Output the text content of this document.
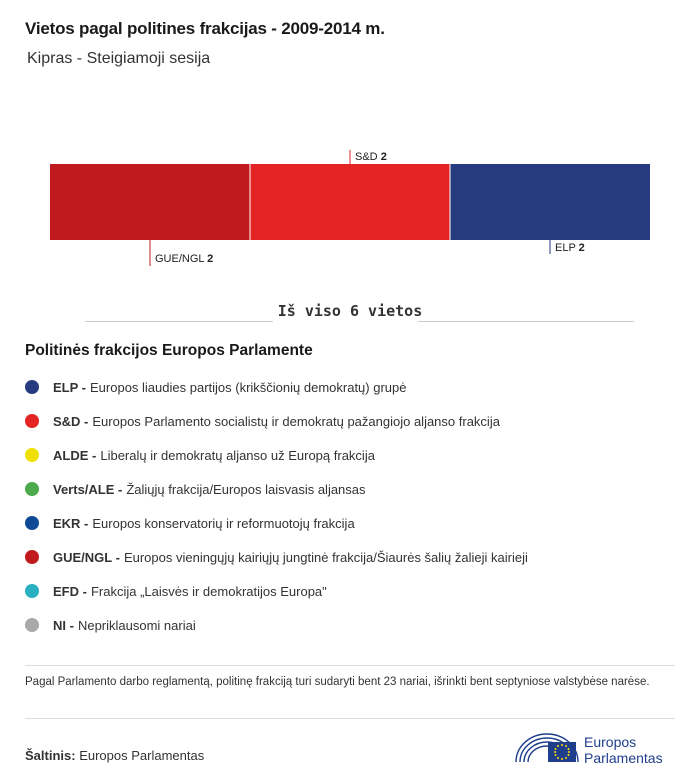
Vietos pagal politines frakcijas - 2009-2014 m.
Kipras - Steigiamoji sesija
GUE/NGL 2
S&D 2
ELP 2
Iš viso 6 vietos
Politinės frakcijos Europos Parlamente
ELP - Europos liaudies partijos (krikščionių demokratų) grupė
S&D - Europos Parlamento socialistų ir demokratų pažangiojo aljanso frakcija
ALDE - Liberalų ir demokratų aljanso už Europą frakcija
Verts/ALE - Žaliųjų frakcija/Europos laisvasis aljansas
EKR - Europos konservatorių ir reformuotojų frakcija
GUE/NGL - Europos vieningųjų kairiųjų jungtinė frakcija/Šiaurės šalių žalieji kairieji
EFD - Frakcija „Laisvės ir demokratijos Europa"
NI - Nepriklausomi nariai
Pagal Parlamento darbo reglamentą, politinę frakciją turi sudaryti bent 23 nariai, išrinkti bent septyniose valstybėse narėse.
Šaltinis: Europos Parlamentas
Europos
Parlamentas
